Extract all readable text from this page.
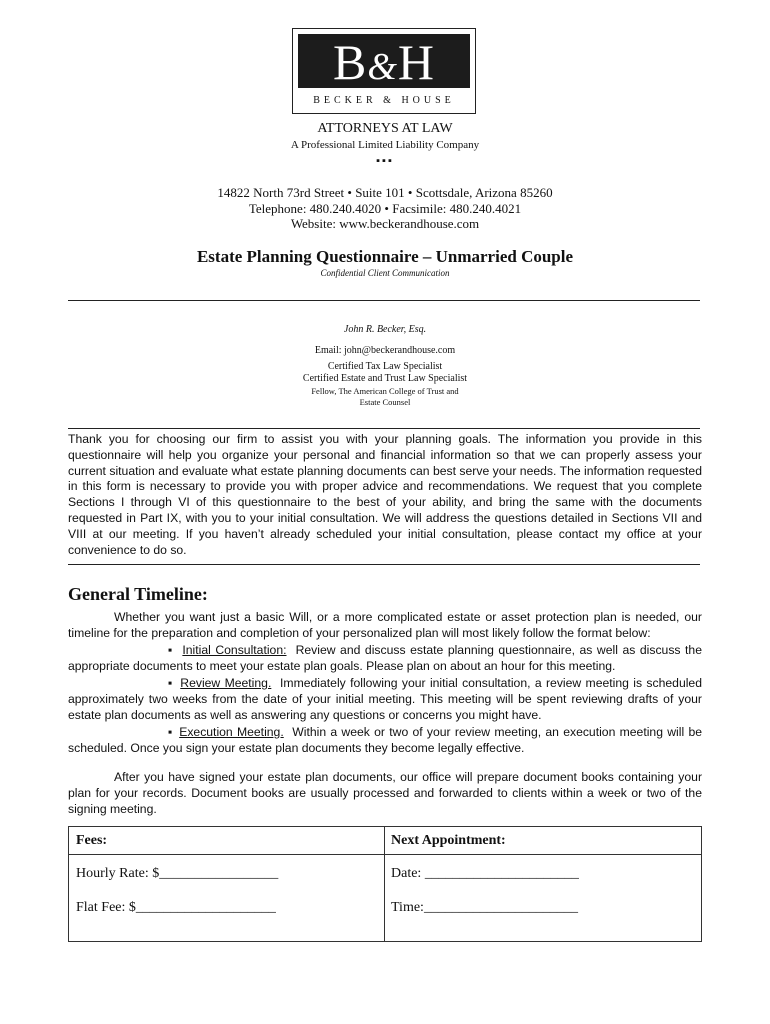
B&H
BECKER & HOUSE
ATTORNEYS AT LAW
A Professional Limited Liability Company
▪▪▪
14822 North 73rd Street • Suite 101 • Scottsdale, Arizona 85260
Telephone: 480.240.4020 • Facsimile: 480.240.4021
Website: www.beckerandhouse.com
Estate Planning Questionnaire – Unmarried Couple
Confidential Client Communication
John R. Becker, Esq.
Email: john@beckerandhouse.com
Certified Tax Law Specialist
Certified Estate and Trust Law Specialist
Fellow, The American College of Trust and
Estate Counsel

Thank you for choosing our firm to assist you with your planning goals. The information you provide in this questionnaire will help you organize your personal and financial information so that we can properly assess your current situation and evaluate what estate planning documents can best serve your needs. The information requested in this form is necessary to provide you with proper advice and recommendations. We request that you complete Sections I through VI of this questionnaire to the best of your ability, and bring the same with the documents requested in Part IX, with you to your initial consultation. We will address the questions detailed in Sections VII and VIII at our meeting. If you haven’t already scheduled your initial consultation, please contact my office at your convenience to do so.

General Timeline:

Whether you want just a basic Will, or a more complicated estate or asset protection plan is needed, our timeline for the preparation and completion of your personalized plan will most likely follow the format below:

▪ Initial Consultation: Review and discuss estate planning questionnaire, as well as discuss the appropriate documents to meet your estate plan goals. Please plan on about an hour for this meeting.

▪ Review Meeting. Immediately following your initial consultation, a review meeting is scheduled approximately two weeks from the date of your initial meeting. This meeting will be spent reviewing drafts of your estate plan documents as well as answering any questions or concerns you might have.

▪ Execution Meeting. Within a week or two of your review meeting, an execution meeting will be scheduled. Once you sign your estate plan documents they become legally effective.

After you have signed your estate plan documents, our office will prepare document books containing your plan for your records. Document books are usually processed and forwarded to clients within a week or two of the signing meeting.

Fees:
Hourly Rate: $_________________
Flat Fee: $____________________
Next Appointment:
Date: ______________________
Time:______________________
